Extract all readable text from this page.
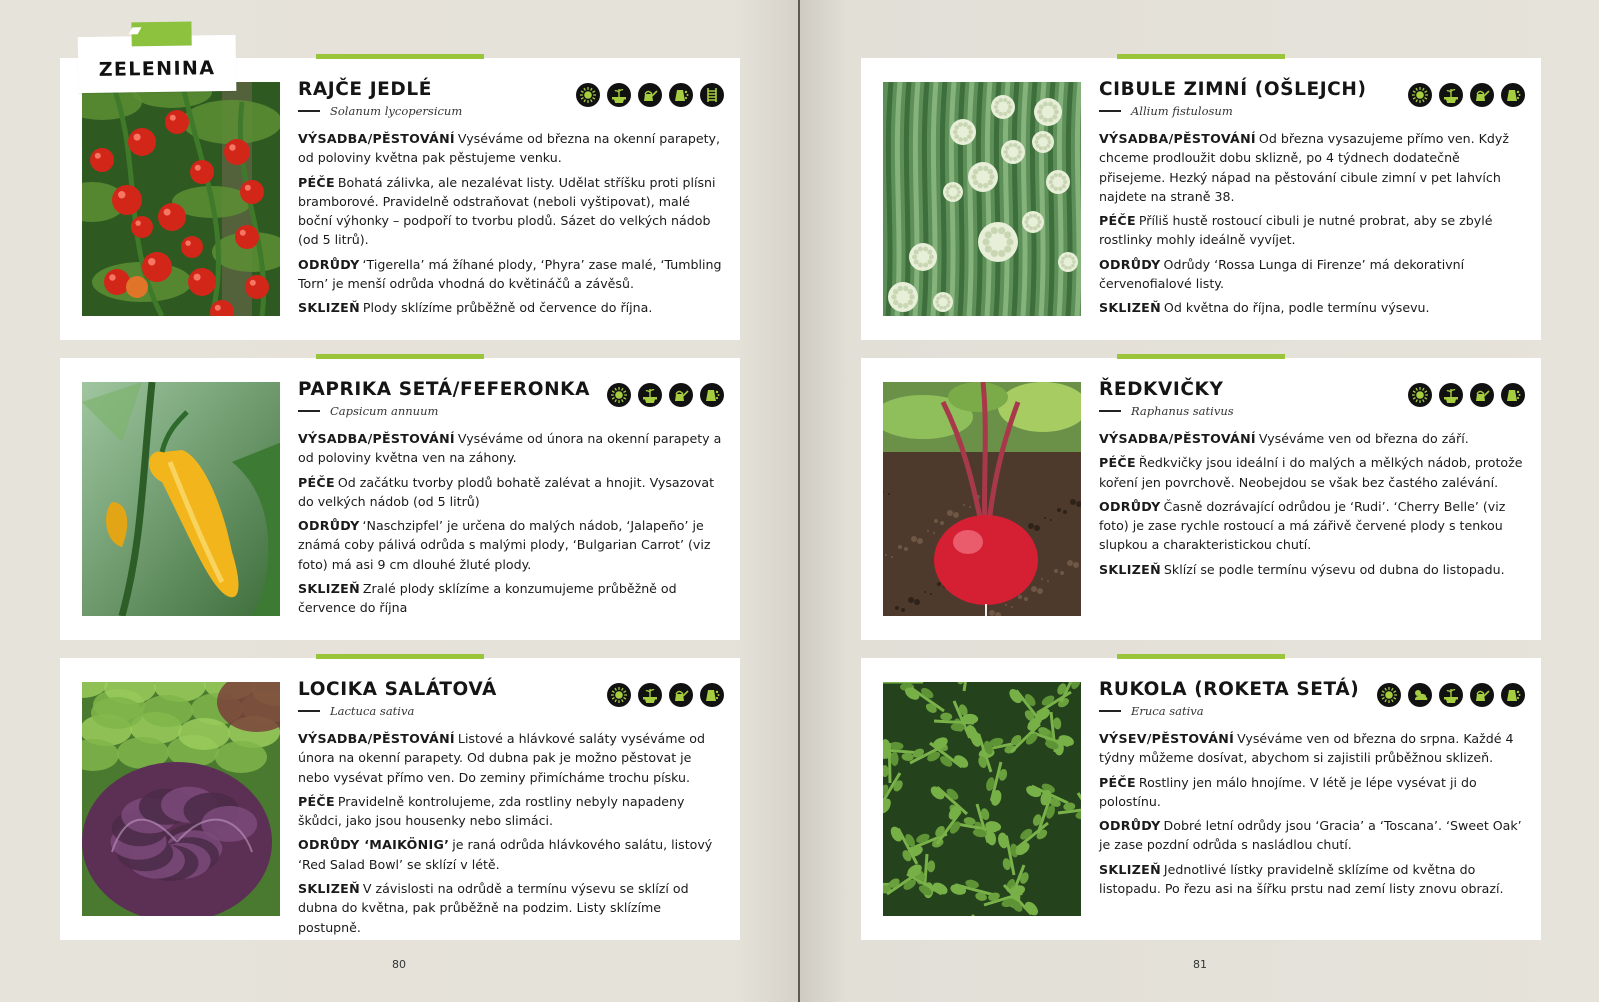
RAJČE JEDLÉ
Solanum lycopersicum

VÝSADBA/PĚSTOVÁNÍ Vyséváme od března na okenní parapety, od poloviny května pak pěstujeme venku.

PÉČE Bohatá zálivka, ale nezalévat listy. Udělat stříšku proti plísni bramborové. Pravidelně odstraňovat (neboli vyštipovat), malé boční výhonky – podpoří to tvorbu plodů. Sázet do velkých nádob (od 5 litrů).

ODRŮDY ‘Tigerella’ má žíhané plody, ‘Phyra’ zase malé, ‘Tumbling Torn’ je menší odrůda vhodná do květináčů a závěsů.

SKLIZEŇ Plody sklízíme průběžně od července do října.

PAPRIKA SETÁ/FEFERONKA
Capsicum annuum

VÝSADBA/PĚSTOVÁNÍ Vyséváme od února na okenní parapety a od poloviny května ven na záhony.

PÉČE Od začátku tvorby plodů bohatě zalévat a hnojit. Vysazovat do velkých nádob (od 5 litrů)

ODRŮDY ‘Naschzipfel’ je určena do malých nádob, ‘Jalapeño’ je známá coby pálivá odrůda s malými plody, ‘Bulgarian Carrot’ (viz foto) má asi 9 cm dlouhé žluté plody.

SKLIZEŇ Zralé plody sklízíme a konzumujeme průběžně od července do října

LOCIKA SALÁTOVÁ
Lactuca sativa

VÝSADBA/PĚSTOVÁNÍ Listové a hlávkové saláty vyséváme od února na okenní parapety. Od dubna pak je možno pěstovat je nebo vysévat přímo ven. Do zeminy přimícháme trochu písku.

PÉČE Pravidelně kontrolujeme, zda rostliny nebyly napadeny škůdci, jako jsou housenky nebo slimáci.

ODRŮDY ‘MAIKÖNIG’ je raná odrůda hlávkového salátu, listový ‘Red Salad Bowl’ se sklízí v létě.

SKLIZEŇ V závislosti na odrůdě a termínu výsevu se sklízí od dubna do května, pak průběžně na podzim. Listy sklízíme postupně.

CIBULE ZIMNÍ (OŠLEJCH)
Allium fistulosum

VÝSADBA/PĚSTOVÁNÍ Od března vysazujeme přímo ven. Když chceme prodloužit dobu sklizně, po 4 týdnech dodatečně přisejeme. Hezký nápad na pěstování cibule zimní v pet lahvích najdete na straně 38.

PÉČE Příliš hustě rostoucí cibuli je nutné probrat, aby se zbylé rostlinky mohly ideálně vyvíjet.

ODRŮDY Odrůdy ‘Rossa Lunga di Firenze’ má dekorativní červenofialové listy.

SKLIZEŇ Od května do října, podle termínu výsevu.

ŘEDKVIČKY
Raphanus sativus

VÝSADBA/PĚSTOVÁNÍ Vyséváme ven od března do září.

PÉČE Ředkvičky jsou ideální i do malých a mělkých nádob, protože koření jen povrchově. Neobejdou se však bez častého zalévání.

ODRŮDY Časně dozrávající odrůdou je ‘Rudi’. ‘Cherry Belle’ (viz foto) je zase rychle rostoucí a má zářivě červené plody s tenkou slupkou a charakteristickou chutí.

SKLIZEŇ Sklízí se podle termínu výsevu od dubna do listopadu.

RUKOLA (ROKETA SETÁ)
Eruca sativa

VÝSEV/PĚSTOVÁNÍ Vyséváme ven od března do srpna. Každé 4 týdny můžeme dosívat, abychom si zajistili průběžnou sklizeň.

PÉČE Rostliny jen málo hnojíme. V létě je lépe vysévat ji do polostínu.

ODRŮDY Dobré letní odrůdy jsou ‘Gracia’ a ‘Toscana’. ‘Sweet Oak’ je zase pozdní odrůda s nasládlou chutí.

SKLIZEŇ Jednotlivé lístky pravidelně sklízíme od května do listopadu. Po řezu asi na šířku prstu nad zemí listy znovu obrazí.

ZELENINA
80	81
